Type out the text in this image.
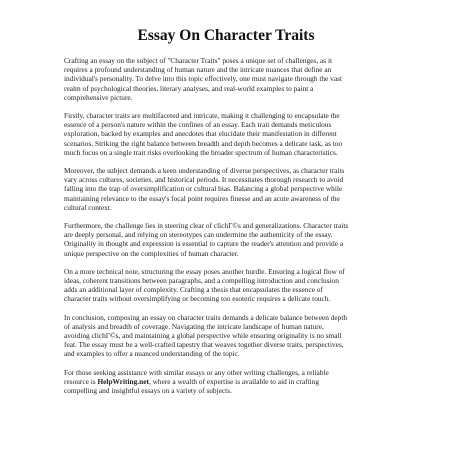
Essay On Character Traits

Crafting an essay on the subject of "Character Traits" poses a unique set of challenges, as it
requires a profound understanding of human nature and the intricate nuances that define an
individual's personality. To delve into this topic effectively, one must navigate through the vast
realm of psychological theories, literary analyses, and real-world examples to paint a
comprehensive picture.

Firstly, character traits are multifaceted and intricate, making it challenging to encapsulate the
essence of a person's nature within the confines of an essay. Each trait demands meticulous
exploration, backed by examples and anecdotes that elucidate their manifestation in different
scenarios. Striking the right balance between breadth and depth becomes a delicate task, as too
much focus on a single trait risks overlooking the broader spectrum of human characteristics.

Moreover, the subject demands a keen understanding of diverse perspectives, as character traits
vary across cultures, societies, and historical periods. It necessitates thorough research to avoid
falling into the trap of oversimplification or cultural bias. Balancing a global perspective while
maintaining relevance to the essay's focal point requires finesse and an acute awareness of the
cultural context.

Furthermore, the challenge lies in steering clear of clichГ©s and generalizations. Character traits
are deeply personal, and relying on stereotypes can undermine the authenticity of the essay.
Originality in thought and expression is essential to capture the reader's attention and provide a
unique perspective on the complexities of human character.

On a more technical note, structuring the essay poses another hurdle. Ensuring a logical flow of
ideas, coherent transitions between paragraphs, and a compelling introduction and conclusion
adds an additional layer of complexity. Crafting a thesis that encapsulates the essence of
character traits without oversimplifying or becoming too esoteric requires a delicate touch.

In conclusion, composing an essay on character traits demands a delicate balance between depth
of analysis and breadth of coverage. Navigating the intricate landscape of human nature,
avoiding clichГ©s, and maintaining a global perspective while ensuring originality is no small
feat. The essay must be a well-crafted tapestry that weaves together diverse traits, perspectives,
and examples to offer a nuanced understanding of the topic.

For those seeking assistance with similar essays or any other writing challenges, a reliable
resource is HelpWriting.net, where a wealth of expertise is available to aid in crafting
compelling and insightful essays on a variety of subjects.
